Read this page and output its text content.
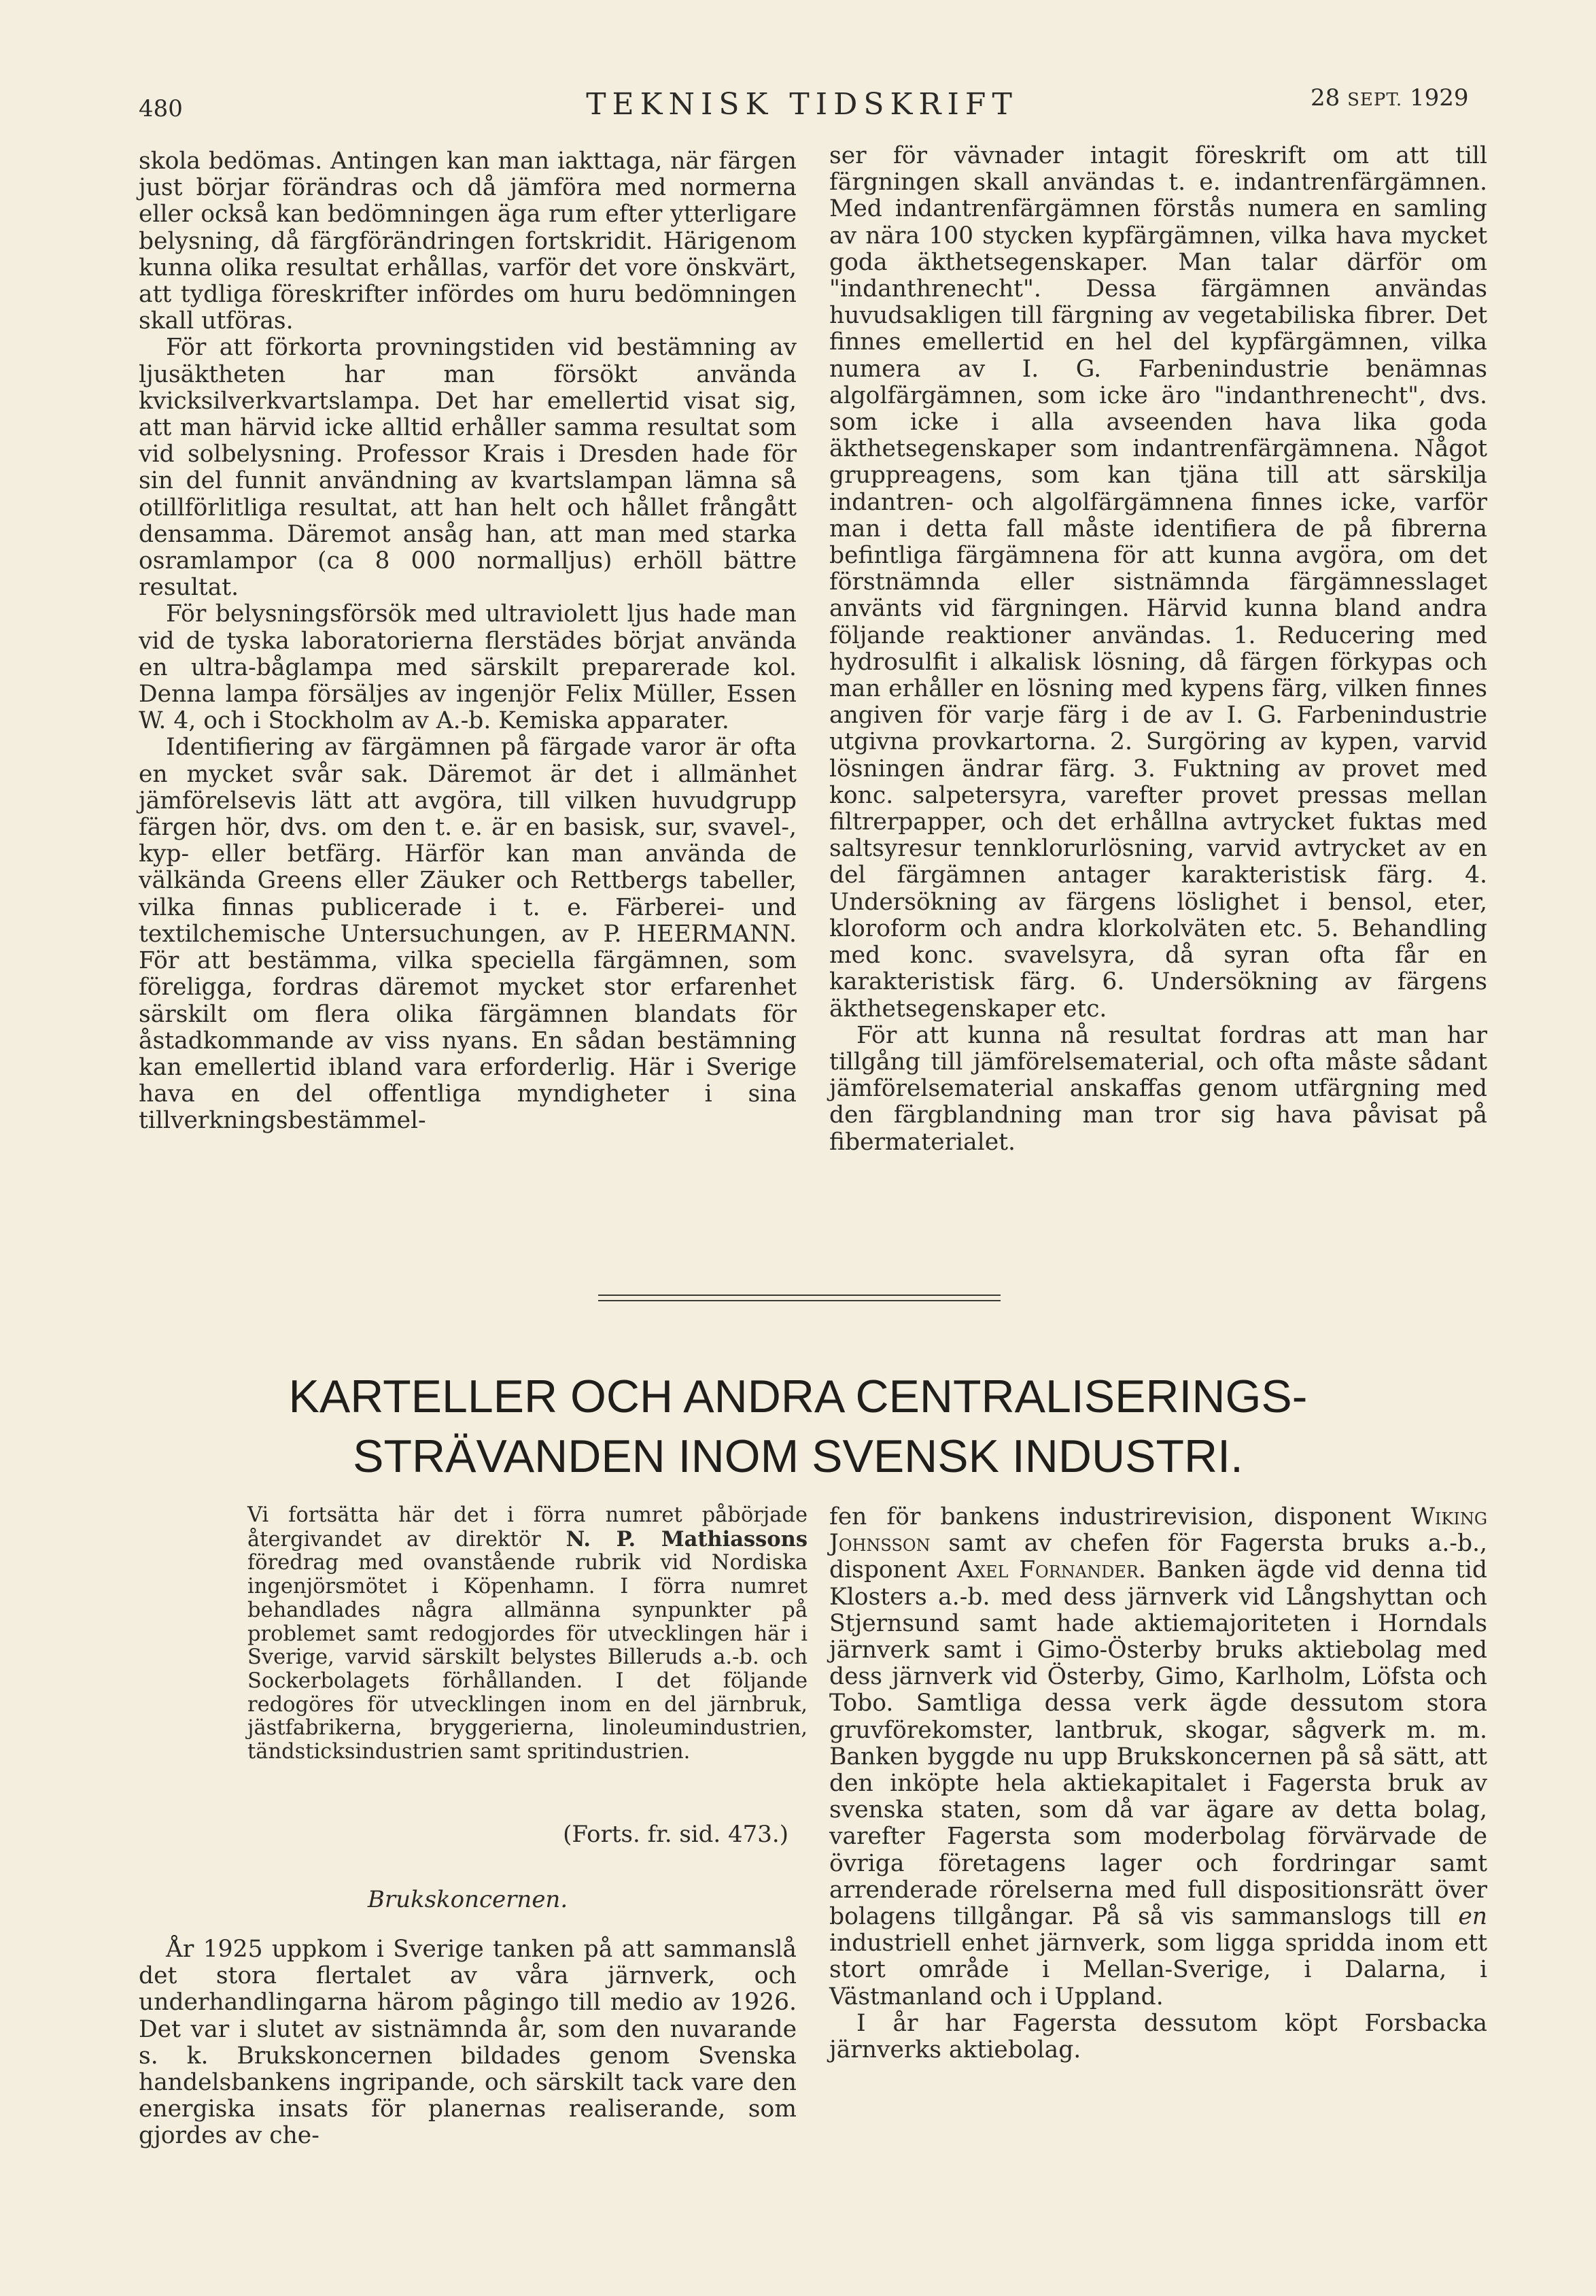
480	TEKNISK TIDSKRIFT	28 SEPT. 1929

skola bedömas. Antingen kan man iakttaga, när färgen just börjar förändras och då jämföra med normerna eller också kan bedömningen äga rum efter ytterligare belysning, då färgförändringen fortskridit. Härigenom kunna olika resultat erhållas, varför det vore önskvärt, att tydliga föreskrifter infördes om huru bedömningen skall utföras.

För att förkorta provningstiden vid bestämning av ljusäktheten har man försökt använda kvicksilverkvartslampa. Det har emellertid visat sig, att man härvid icke alltid erhåller samma resultat som vid solbelysning. Professor Krais i Dresden hade för sin del funnit användning av kvartslampan lämna så otillförlitliga resultat, att han helt och hållet frångått densamma. Däremot ansåg han, att man med starka osramlampor (ca 8 000 normalljus) erhöll bättre resultat.

För belysningsförsök med ultraviolett ljus hade man vid de tyska laboratorierna flerstädes börjat använda en ultra-båglampa med särskilt preparerade kol. Denna lampa försäljes av ingenjör Felix Müller, Essen W. 4, och i Stockholm av A.-b. Kemiska apparater.

Identifiering av färgämnen på färgade varor är ofta en mycket svår sak. Däremot är det i allmänhet jämförelsevis lätt att avgöra, till vilken huvudgrupp färgen hör, dvs. om den t. e. är en basisk, sur, svavel-, kyp- eller betfärg. Härför kan man använda de välkända Greens eller Zäuker och Rettbergs tabeller, vilka finnas publicerade i t. e. Färberei- und textilchemische Untersuchungen, av P. HEERMANN. För att bestämma, vilka speciella färgämnen, som föreligga, fordras däremot mycket stor erfarenhet särskilt om flera olika färgämnen blandats för åstadkommande av viss nyans. En sådan bestämning kan emellertid ibland vara erforderlig. Här i Sverige hava en del offentliga myndigheter i sina tillverkningsbestämmel-

ser för vävnader intagit föreskrift om att till färgningen skall användas t. e. indantrenfärgämnen. Med indantrenfärgämnen förstås numera en samling av nära 100 stycken kypfärgämnen, vilka hava mycket goda äkthetsegenskaper. Man talar därför om "indanthrenecht". Dessa färgämnen användas huvudsakligen till färgning av vegetabiliska fibrer. Det finnes emellertid en hel del kypfärgämnen, vilka numera av I. G. Farbenindustrie benämnas algolfärgämnen, som icke äro "indanthrenecht", dvs. som icke i alla avseenden hava lika goda äkthetsegenskaper som indantrenfärgämnena. Något gruppreagens, som kan tjäna till att särskilja indantren- och algolfärgämnena finnes icke, varför man i detta fall måste identifiera de på fibrerna befintliga färgämnena för att kunna avgöra, om det förstnämnda eller sistnämnda färgämnesslaget använts vid färgningen. Härvid kunna bland andra följande reaktioner användas. 1. Reducering med hydrosulfit i alkalisk lösning, då färgen förkypas och man erhåller en lösning med kypens färg, vilken finnes angiven för varje färg i de av I. G. Farbenindustrie utgivna provkartorna. 2. Surgöring av kypen, varvid lösningen ändrar färg. 3. Fuktning av provet med konc. salpetersyra, varefter provet pressas mellan filtrerpapper, och det erhållna avtrycket fuktas med saltsyresur tennklorurlösning, varvid avtrycket av en del färgämnen antager karakteristisk färg. 4. Undersökning av färgens löslighet i bensol, eter, kloroform och andra klorkolväten etc. 5. Behandling med konc. svavelsyra, då syran ofta får en karakteristisk färg. 6. Undersökning av färgens äkthetsegenskaper etc.

För att kunna nå resultat fordras att man har tillgång till jämförelsematerial, och ofta måste sådant jämförelsematerial anskaffas genom utfärgning med den färgblandning man tror sig hava påvisat på fibermaterialet.

KARTELLER OCH ANDRA CENTRALISERINGS-
STRÄVANDEN INOM SVENSK INDUSTRI.
Vi fortsätta här det i förra numret påbörjade återgivandet av direktör N. P. Mathiassons föredrag med ovanstående rubrik vid Nordiska ingenjörsmötet i Köpenhamn. I förra numret behandlades några allmänna synpunkter på problemet samt redogjordes för utvecklingen här i Sverige, varvid särskilt belystes Billeruds a.-b. och Sockerbolagets förhållanden. I det följande redogöres för utvecklingen inom en del järnbruk, jästfabrikerna, bryggerierna, linoleumindustrien, tändsticksindustrien samt spritindustrien.
(Forts. fr. sid. 473.)
Brukskoncernen.

År 1925 uppkom i Sverige tanken på att sammanslå det stora flertalet av våra järnverk, och underhandlingarna härom pågingo till medio av 1926. Det var i slutet av sistnämnda år, som den nuvarande s. k. Brukskoncernen bildades genom Svenska handelsbankens ingripande, och särskilt tack vare den energiska insats för planernas realiserande, som gjordes av che-

fen för bankens industrirevision, disponent Wiking Johnsson samt av chefen för Fagersta bruks a.-b., disponent Axel Fornander. Banken ägde vid denna tid Klosters a.-b. med dess järnverk vid Långshyttan och Stjernsund samt hade aktiemajoriteten i Horndals järnverk samt i Gimo-Österby bruks aktiebolag med dess järnverk vid Österby, Gimo, Karlholm, Löfsta och Tobo. Samtliga dessa verk ägde dessutom stora gruvförekomster, lantbruk, skogar, sågverk m. m. Banken byggde nu upp Brukskoncernen på så sätt, att den inköpte hela aktiekapitalet i Fagersta bruk av svenska staten, som då var ägare av detta bolag, varefter Fagersta som moderbolag förvärvade de övriga företagens lager och fordringar samt arrenderade rörelserna med full dispositionsrätt över bolagens tillgångar. På så vis sammanslogs till en industriell enhet järnverk, som ligga spridda inom ett stort område i Mellan-Sverige, i Dalarna, i Västmanland och i Uppland.

I år har Fagersta dessutom köpt Forsbacka järnverks aktiebolag.
